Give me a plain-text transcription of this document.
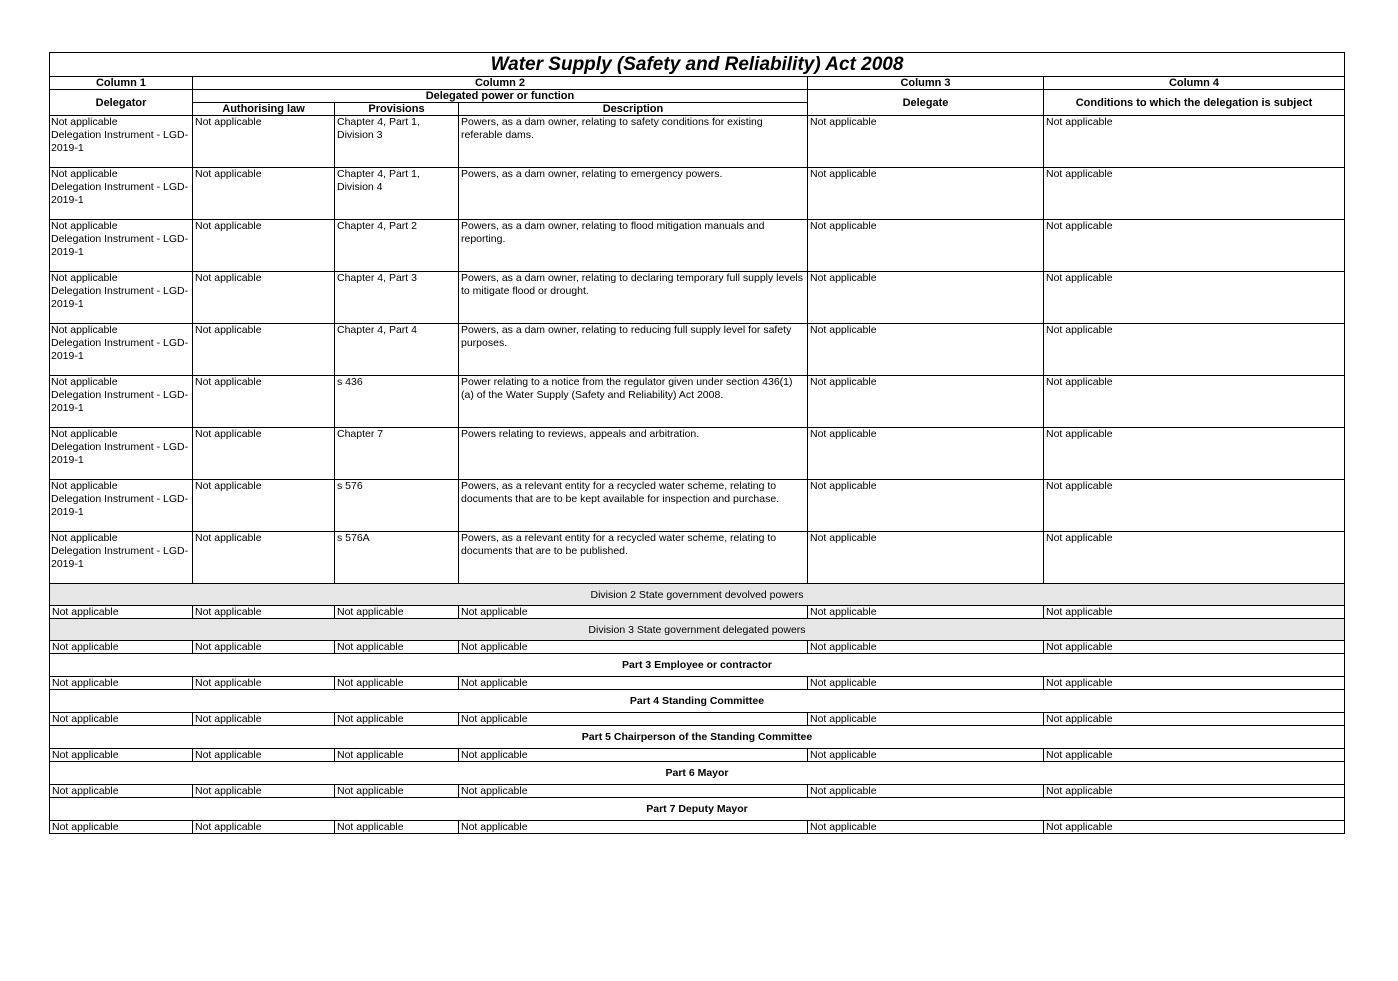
Water Supply (Safety and Reliability) Act 2008					
Column 1	Column 2			Column 3	Column 4
Delegator	Delegated power or function			Delegate	Conditions to which the delegation is subject
	Authorising law	Provisions	Description		

Not applicable
Delegation Instrument - LGD-2019-1	Not applicable	Chapter 4, Part 1, Division 3	Powers, as a dam owner, relating to safety conditions for existing referable dams.	Not applicable	Not applicable

Not applicable
Delegation Instrument - LGD-2019-1	Not applicable	Chapter 4, Part 1, Division 4	Powers, as a dam owner, relating to emergency powers.	Not applicable	Not applicable

Not applicable
Delegation Instrument - LGD-2019-1	Not applicable	Chapter 4, Part 2	Powers, as a dam owner, relating to flood mitigation manuals and reporting.	Not applicable	Not applicable

Not applicable
Delegation Instrument - LGD-2019-1	Not applicable	Chapter 4, Part 3	Powers, as a dam owner, relating to declaring temporary full supply levels to mitigate flood or drought.	Not applicable	Not applicable

Not applicable
Delegation Instrument - LGD-2019-1	Not applicable	Chapter 4, Part 4	Powers, as a dam owner, relating to reducing full supply level for safety purposes.	Not applicable	Not applicable

Not applicable
Delegation Instrument - LGD-2019-1	Not applicable	s 436	Power relating to a notice from the regulator given under section 436(1)(a) of the Water Supply (Safety and Reliability) Act 2008.	Not applicable	Not applicable

Not applicable
Delegation Instrument - LGD-2019-1	Not applicable	Chapter 7	Powers relating to reviews, appeals and arbitration.	Not applicable	Not applicable

Not applicable
Delegation Instrument - LGD-2019-1	Not applicable	s 576	Powers, as a relevant entity for a recycled water scheme, relating to documents that are to be kept available for inspection and purchase.	Not applicable	Not applicable

Not applicable
Delegation Instrument - LGD-2019-1	Not applicable	s 576A	Powers, as a relevant entity for a recycled water scheme, relating to documents that are to be published.	Not applicable	Not applicable
Division 2 State government devolved powers					
Not applicable	Not applicable	Not applicable	Not applicable	Not applicable	Not applicable
Division 3 State government delegated powers					
Not applicable	Not applicable	Not applicable	Not applicable	Not applicable	Not applicable
Part 3 Employee or contractor					
Not applicable	Not applicable	Not applicable	Not applicable	Not applicable	Not applicable
Part 4 Standing Committee					
Not applicable	Not applicable	Not applicable	Not applicable	Not applicable	Not applicable
Part 5 Chairperson of the Standing Committee					
Not applicable	Not applicable	Not applicable	Not applicable	Not applicable	Not applicable
Part 6 Mayor					
Not applicable	Not applicable	Not applicable	Not applicable	Not applicable	Not applicable
Part 7 Deputy Mayor					
Not applicable	Not applicable	Not applicable	Not applicable	Not applicable	Not applicable
